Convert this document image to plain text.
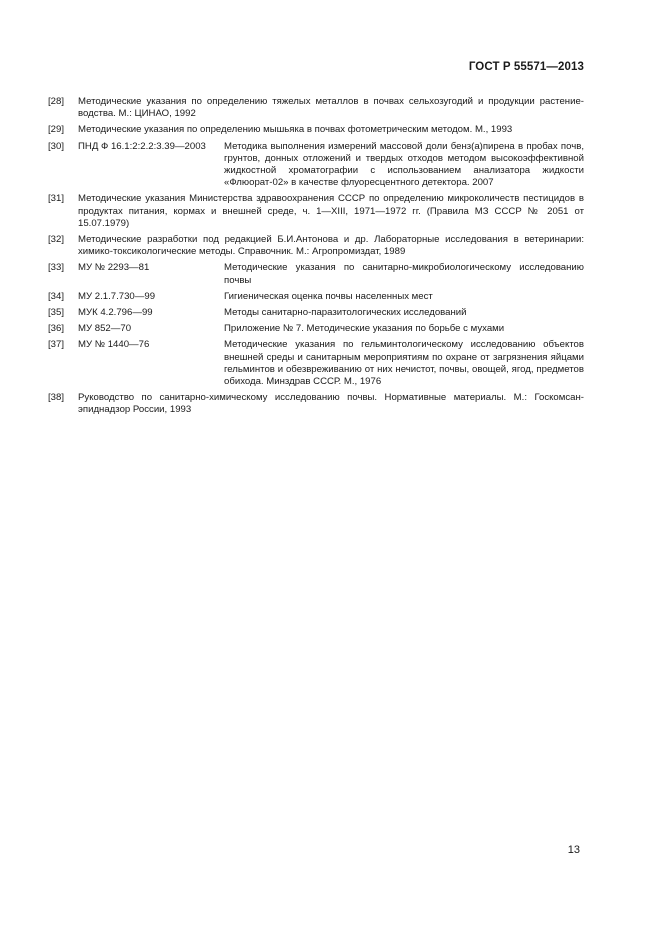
ГОСТ Р 55571—2013
[28]	Методические указания по определению тяжелых металлов в почвах сельхозугодий и продукции растениеводства. М.: ЦИНАО, 1992
[29]	Методические указания по определению мышьяка в почвах фотометрическим методом. М., 1993
[30]	ПНД Ф 16.1:2:2.2:3.39—2003	Методика выполнения измерений массовой доли бенз(а)пирена в пробах почв, грунтов, донных отложений и твердых отходов методом высокоэффективной жидкостной хроматографии с использованием анализатора жидкости «Флюорат-02» в качестве флуоресцентного детектора. 2007
[31]	Методические указания Министерства здравоохранения СССР по определению микроколичеств пестицидов в продуктах питания, кормах и внешней среде, ч. 1—XIII, 1971—1972 гг. (Правила МЗ СССР № 2051 от 15.07.1979)
[32]	Методические разработки под редакцией Б.И.Антонова и др. Лабораторные исследования в ветеринарии: химико-токсикологические методы. Справочник. М.: Агропромиздат, 1989
[33]	МУ № 2293—81	Методические указания по санитарно-микробиологическому исследованию почвы
[34]	МУ 2.1.7.730—99	Гигиеническая оценка почвы населенных мест
[35]	МУК 4.2.796—99	Методы санитарно-паразитологических исследований
[36]	МУ 852—70	Приложение № 7. Методические указания по борьбе с мухами
[37]	МУ № 1440—76	Методические указания по гельминтологическому исследованию объектов внешней среды и санитарным мероприятиям по охране от загрязнения яйцами гельминтов и обезвреживанию от них нечистот, почвы, овощей, ягод, предметов обихода. Минздрав СССР. М., 1976
[38]	Руководство по санитарно-химическому исследованию почвы. Нормативные материалы. М.: Госкомсанэпиднадзор России, 1993
13
